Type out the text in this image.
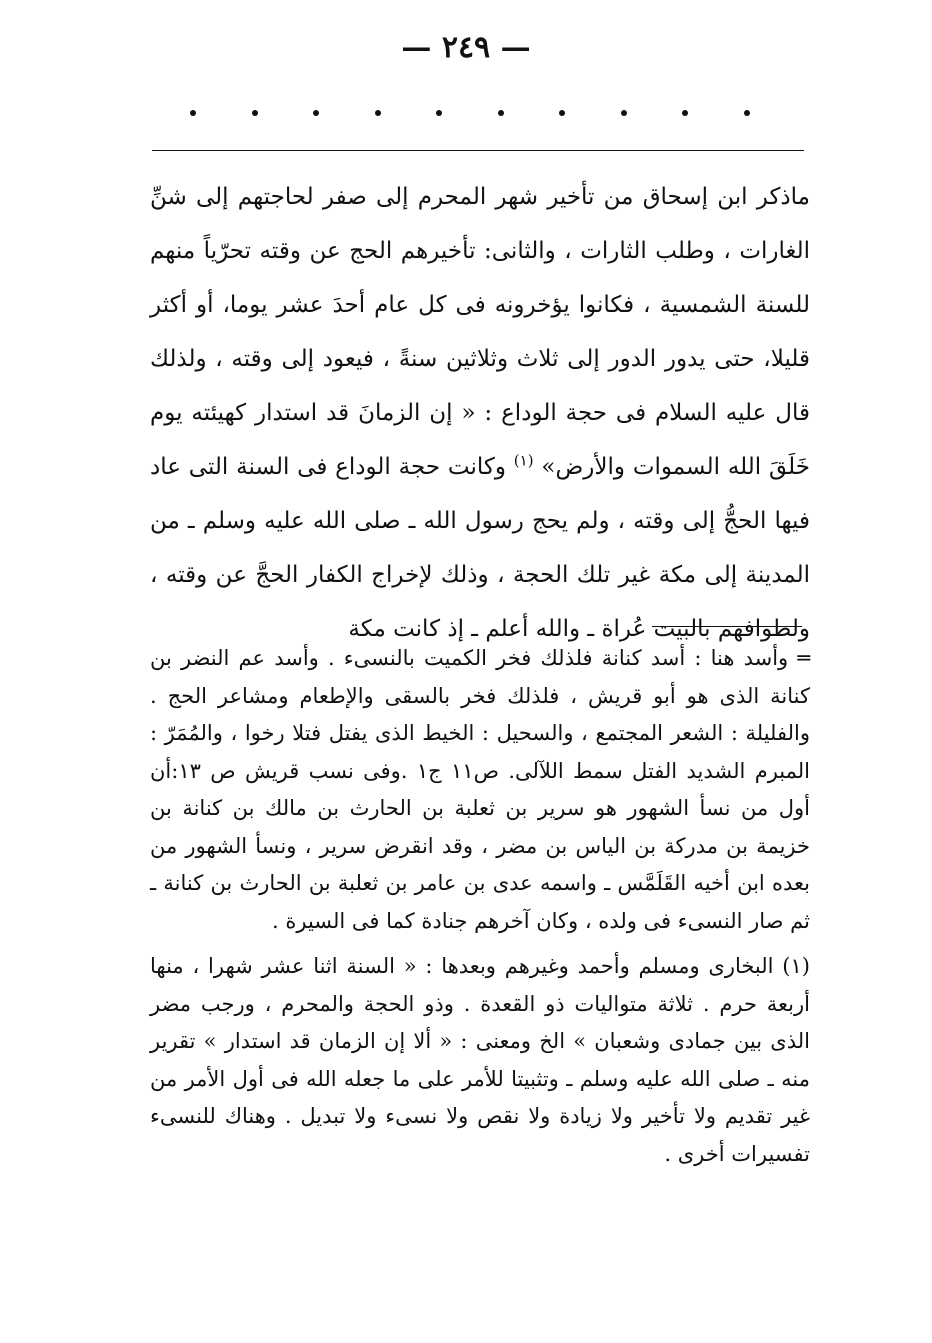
— ٢٤٩ —

ماذكر ابن إسحاق من تأخير شهر المحرم إلى صفر لحاجتهم إلى شنِّ الغارات ، وطلب الثارات ، والثانى: تأخيرهم الحج عن وقته تحرّياً منهم للسنة الشمسية ، فكانوا يؤخرونه فى كل عام أحدَ عشر يوما، أو أكثر قليلا، حتى يدور الدور إلى ثلاث وثلاثين سنةً ، فيعود إلى وقته ، ولذلك قال عليه السلام فى حجة الوداع : « إن الزمانَ قد استدار كهيئته يوم خَلَقَ الله السموات والأرض» $^{(١)}$ وكانت حجة الوداع فى السنة التى عاد فيها الحجُّ إلى وقته ، ولم يحج رسول الله ـ صلى الله عليه وسلم ـ من المدينة إلى مكة غير تلك الحجة ، وذلك لإخراج الكفار الحجَّ عن وقته ، ولطوافهم بالبيت عُراة ـ والله أعلم ـ إذ كانت مكة

═ وأسد هنا : أسد كنانة فلذلك فخر الكميت بالنسىء . وأسد عم النضر بن كنانة الذى هو أبو قريش ، فلذلك فخر بالسقى والإطعام ومشاعر الحج . والفليلة : الشعر المجتمع ، والسحيل : الخيط الذى يفتل فتلا رخوا ، والمُمَرّ : المبرم الشديد الفتل سمط اللآلى. ص١١ ج١ .وفى نسب قريش ص ١٣:أن أول من نسأ الشهور هو سرير بن ثعلبة بن الحارث بن مالك بن كنانة بن خزيمة بن مدركة بن الياس بن مضر ، وقد انقرض سرير ، ونسأ الشهور من بعده ابن أخيه القَلَمَّس ـ واسمه عدى بن عامر بن ثعلبة بن الحارث بن كنانة ـ ثم صار النسىء فى ولده ، وكان آخرهم جنادة كما فى السيرة .

(١) البخارى ومسلم وأحمد وغيرهم وبعدها : « السنة اثنا عشر شهرا ، منها أربعة حرم . ثلاثة متواليات ذو القعدة . وذو الحجة والمحرم ، ورجب مضر الذى بين جمادى وشعبان » الخ ومعنى : « ألا إن الزمان قد استدار » تقرير منه ـ صلى الله عليه وسلم ـ وتثبيتا للأمر على ما جعله الله فى أول الأمر من غير تقديم ولا تأخير ولا زيادة ولا نقص ولا نسىء ولا تبديل . وهناك للنسىء تفسيرات أخرى .
